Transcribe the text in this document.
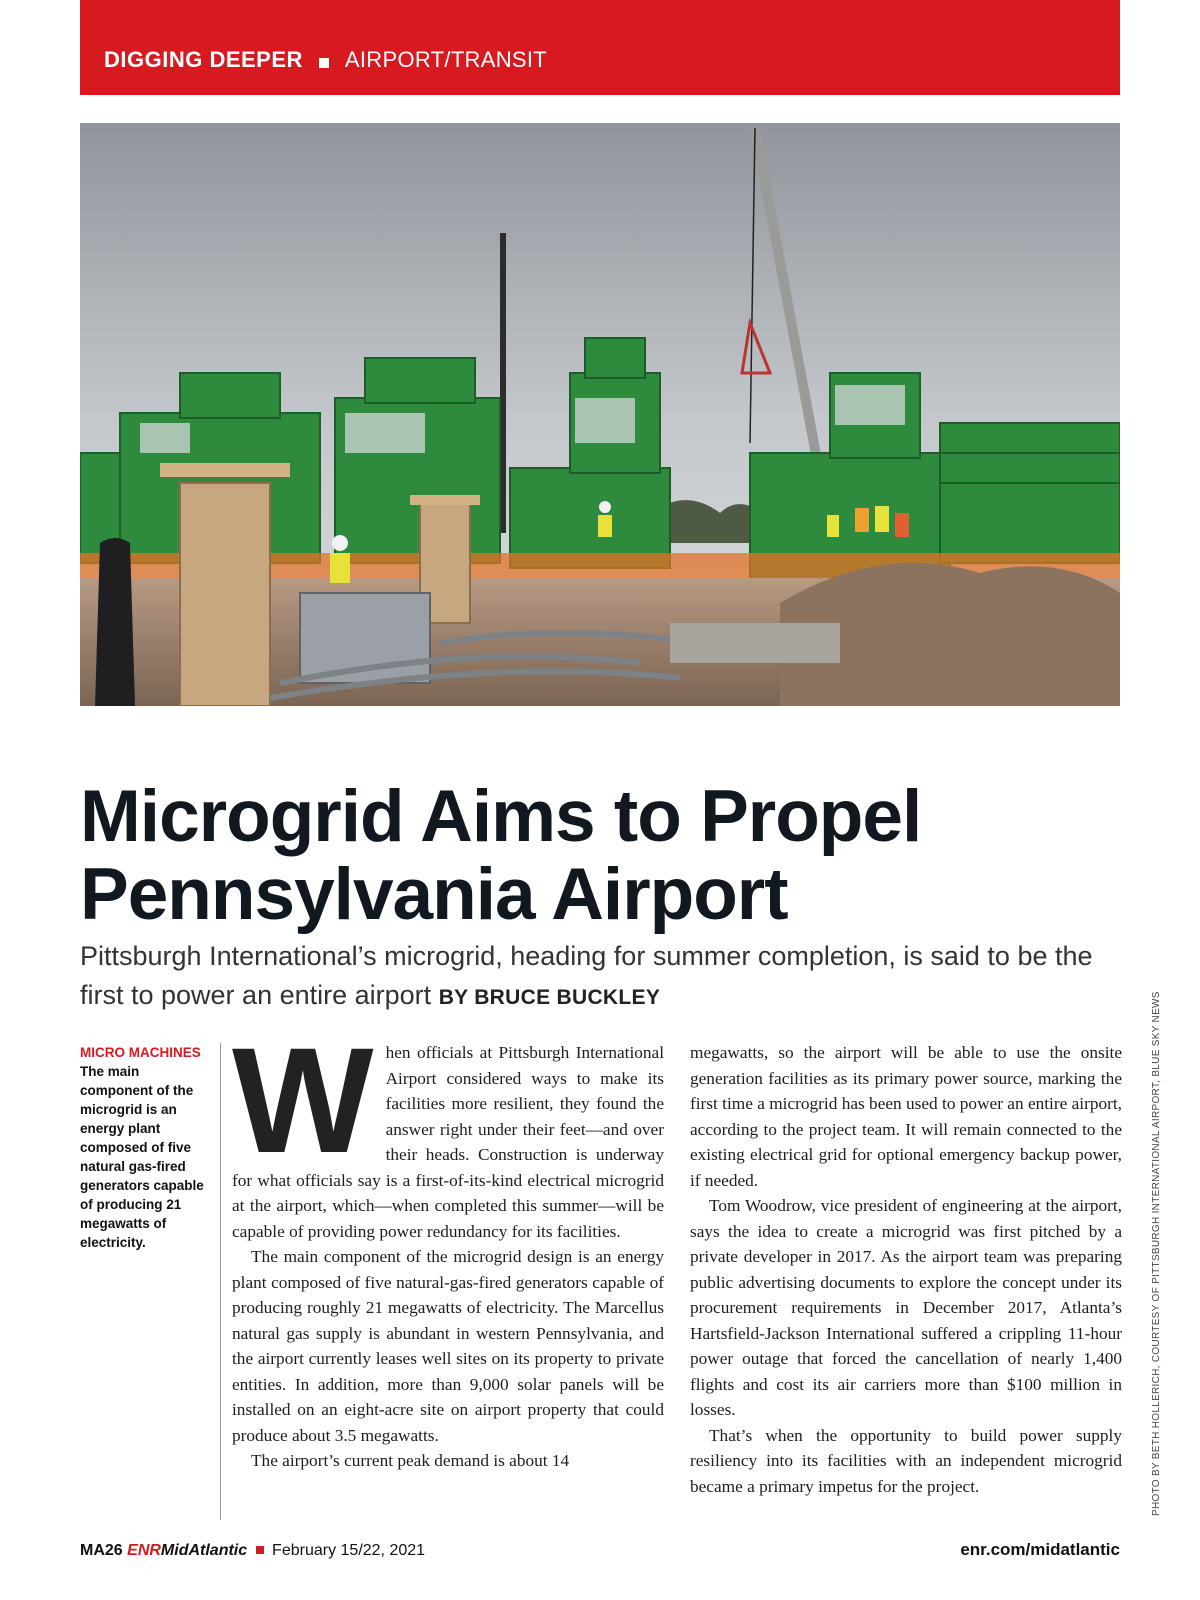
DIGGING DEEPER AIRPORT/TRANSIT
Microgrid Aims to Propel
Pennsylvania Airport
Pittsburgh International’s microgrid, heading for summer completion, is said to be the first to power an entire airport BY BRUCE BUCKLEY
MICRO MACHINES
The main component of the microgrid is an energy plant composed of five natural gas-fired generators capable of producing 21 megawatts of electricity.

When officials at Pittsburgh International Airport considered ways to make its facilities more resilient, they found the answer right under their feet—and over their heads. Construction is underway for what officials say is a first-of-its-kind electrical microgrid at the airport, which—when completed this summer—will be capable of providing power redundancy for its facilities.

The main component of the microgrid design is an energy plant composed of five natural-gas-fired generators capable of producing roughly 21 megawatts of electricity. The Marcellus natural gas supply is abundant in western Pennsylvania, and the airport currently leases well sites on its property to private entities. In addition, more than 9,000 solar panels will be installed on an eight-acre site on airport property that could produce about 3.5 megawatts.

The airport’s current peak demand is about 14

megawatts, so the airport will be able to use the onsite generation facilities as its primary power source, marking the first time a microgrid has been used to power an entire airport, according to the project team. It will remain connected to the existing electrical grid for optional emergency backup power, if needed.

Tom Woodrow, vice president of engineering at the airport, says the idea to create a microgrid was first pitched by a private developer in 2017. As the airport team was preparing public advertising documents to explore the concept under its procurement requirements in December 2017, Atlanta’s Hartsfield-Jackson International suffered a crippling 11-hour power outage that forced the cancellation of nearly 1,400 flights and cost its air carriers more than $100 million in losses.

That’s when the opportunity to build power supply resiliency into its facilities with an independent microgrid became a primary impetus for the project.	PHOTO BY BETH HOLLERICH, COURTESY OF PITTSBURGH INTERNATIONAL AIRPORT, BLUE SKY NEWS
MA26 ENRMidAtlantic February 15/22, 2021	enr.com/midatlantic
